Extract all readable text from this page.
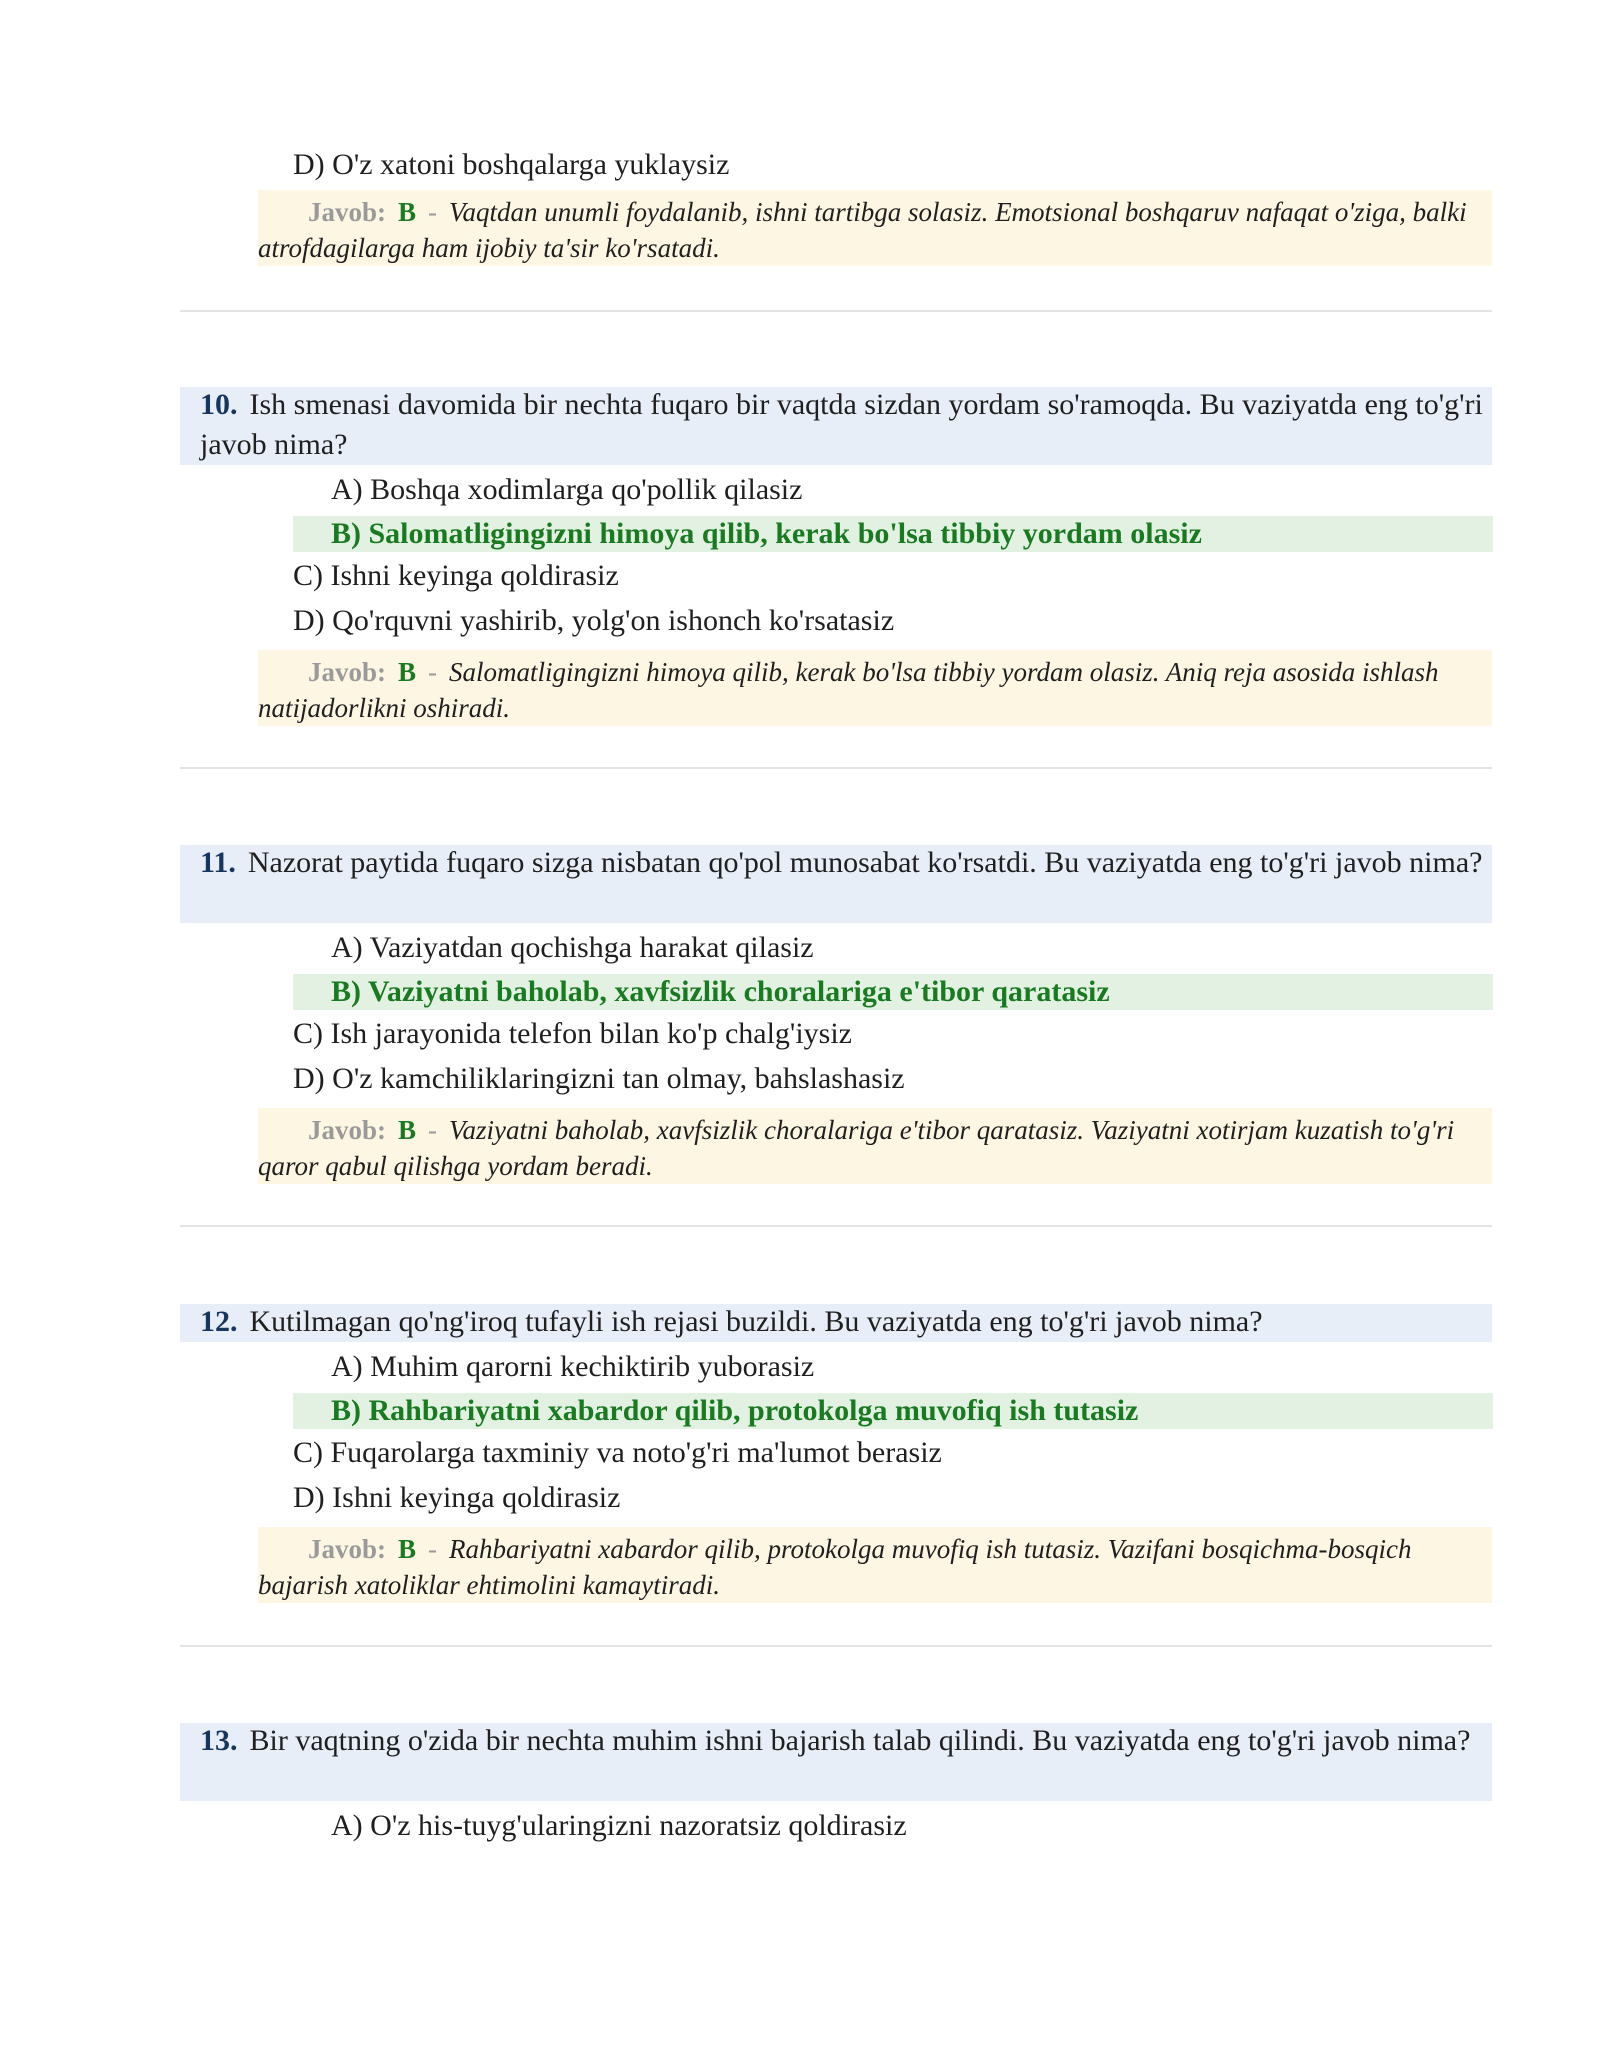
D) O'z xatoni boshqalarga yuklaysiz
Javob: B - Vaqtdan unumli foydalanib, ishni tartibga solasiz. Emotsional boshqaruv nafaqat o'ziga, balki atrofdagilarga ham ijobiy ta'sir ko'rsatadi.
10. Ish smenasi davomida bir nechta fuqaro bir vaqtda sizdan yordam so'ramoqda. Bu vaziyatda eng to'g'ri javob nima?
A) Boshqa xodimlarga qo'pollik qilasiz
B) Salomatligingizni himoya qilib, kerak bo'lsa tibbiy yordam olasiz
C) Ishni keyinga qoldirasiz
D) Qo'rquvni yashirib, yolg'on ishonch ko'rsatasiz
Javob: B - Salomatligingizni himoya qilib, kerak bo'lsa tibbiy yordam olasiz. Aniq reja asosida ishlash natijadorlikni oshiradi.
11. Nazorat paytida fuqaro sizga nisbatan qo'pol munosabat ko'rsatdi. Bu vaziyatda eng to'g'ri javob nima?
A) Vaziyatdan qochishga harakat qilasiz
B) Vaziyatni baholab, xavfsizlik choralariga e'tibor qaratasiz
C) Ish jarayonida telefon bilan ko'p chalg'iysiz
D) O'z kamchiliklaringizni tan olmay, bahslashasiz
Javob: B - Vaziyatni baholab, xavfsizlik choralariga e'tibor qaratasiz. Vaziyatni xotirjam kuzatish to'g'ri qaror qabul qilishga yordam beradi.
12. Kutilmagan qo'ng'iroq tufayli ish rejasi buzildi. Bu vaziyatda eng to'g'ri javob nima?
A) Muhim qarorni kechiktirib yuborasiz
B) Rahbariyatni xabardor qilib, protokolga muvofiq ish tutasiz
C) Fuqarolarga taxminiy va noto'g'ri ma'lumot berasiz
D) Ishni keyinga qoldirasiz
Javob: B - Rahbariyatni xabardor qilib, protokolga muvofiq ish tutasiz. Vazifani bosqichma-bosqich bajarish xatoliklar ehtimolini kamaytiradi.
13. Bir vaqtning o'zida bir nechta muhim ishni bajarish talab qilindi. Bu vaziyatda eng to'g'ri javob nima?
A) O'z his-tuyg'ularingizni nazoratsiz qoldirasiz
